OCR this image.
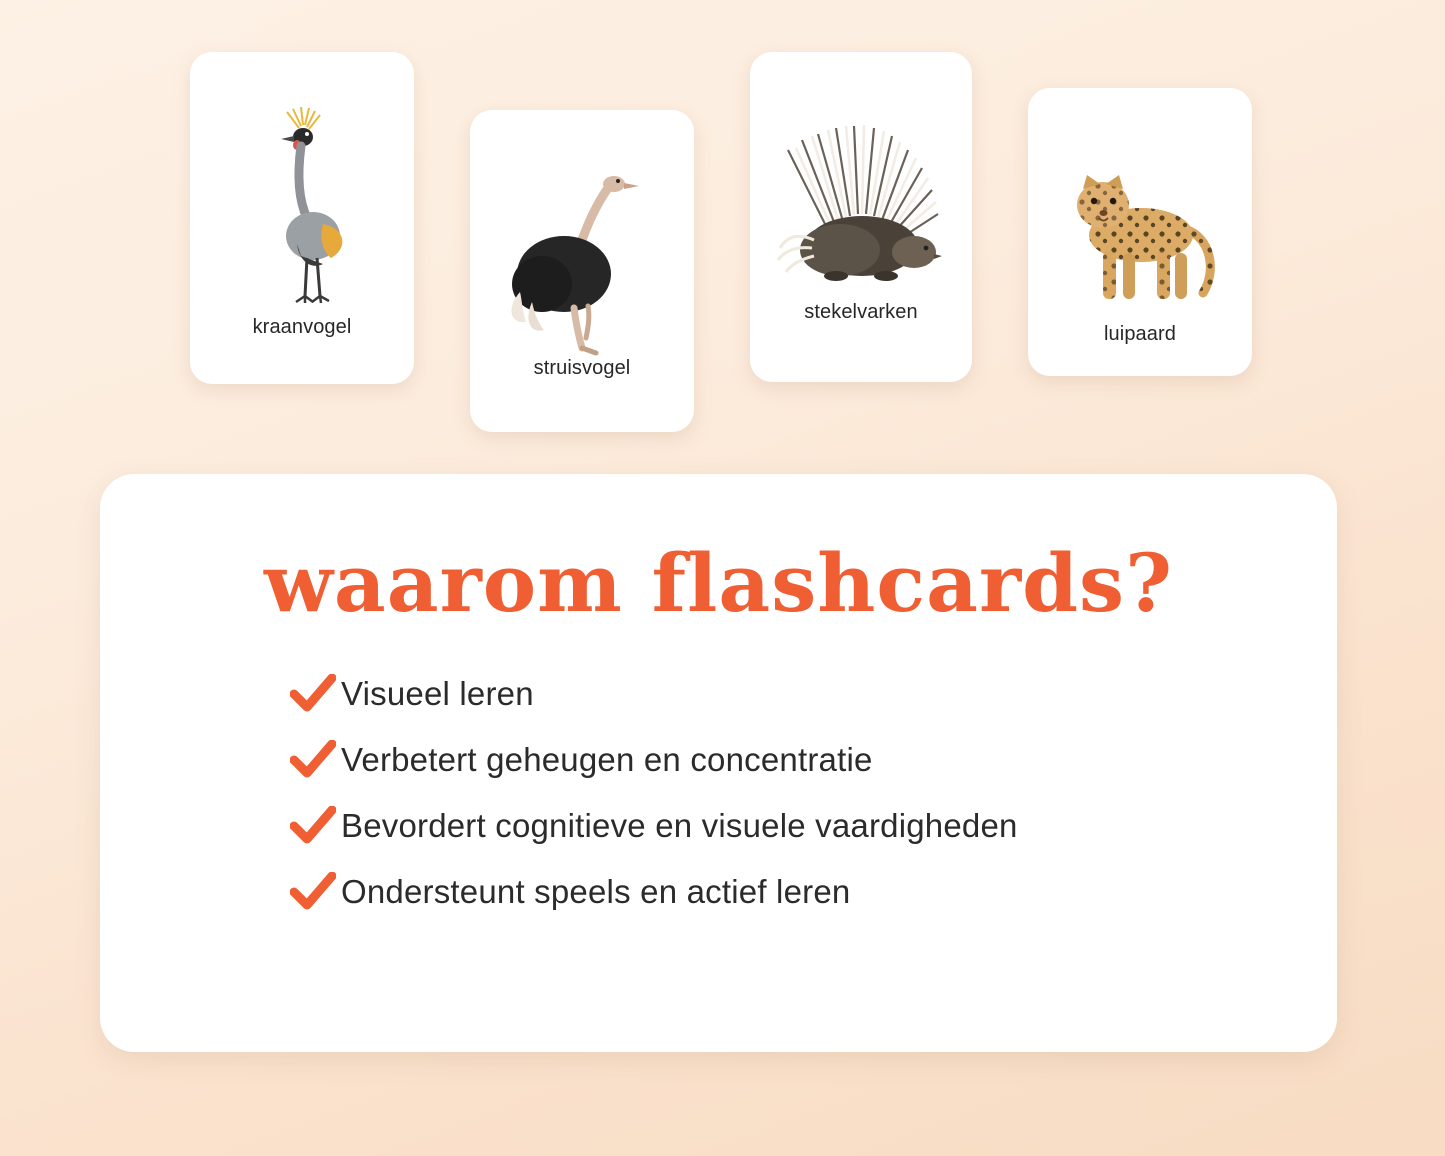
kraanvogel
struisvogel
stekelvarken
luipaard
waarom flashcards?
Visueel leren
Verbetert geheugen en concentratie
Bevordert cognitieve en visuele vaardigheden
Ondersteunt speels en actief leren
